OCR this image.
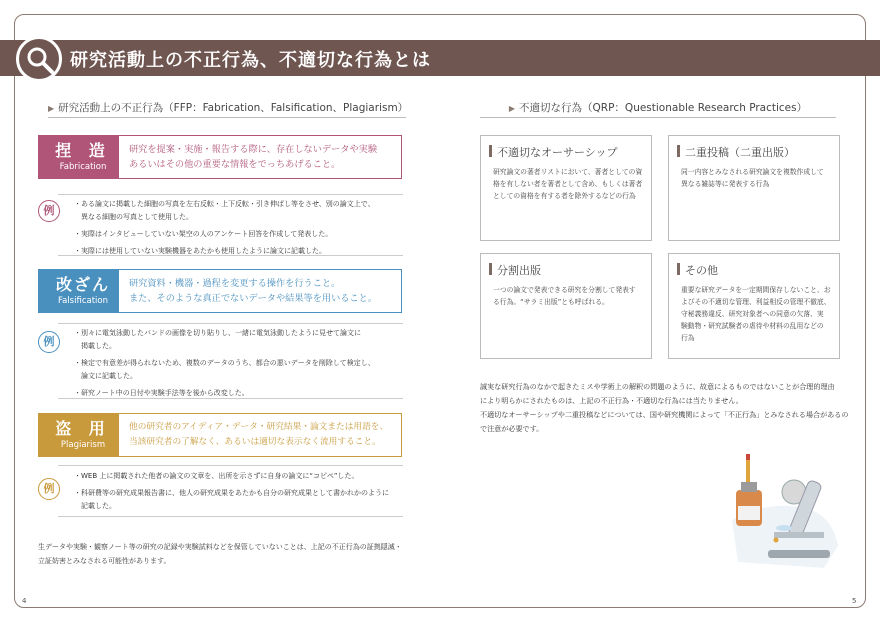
研究活動上の不正行為、不適切な行為とは
▶ 研究活動上の不正行為（FFP：Fabrication、Falsification、Plagiarism）
捏 造
Fabrication
研究を提案・実施・報告する際に、存在しないデータや実験
あるいはその他の重要な情報をでっちあげること。
例	・ある論文に掲載した細胞の写真を左右反転・上下反転・引き伸ばし等をさせ、別の論文上で、
　異なる細胞の写真として使用した。
・実際はインタビューしていない架空の人のアンケート回答を作成して発表した。
・実際には使用していない実験機器をあたかも使用したように論文に記載した。
改ざん
Falsification
研究資料・機器・過程を変更する操作を行うこと。
また、そのような真正でないデータや結果等を用いること。
例
・別々に電気泳動したバンドの画像を切り貼りし、一緒に電気泳動したように見せて論文に
　掲載した。
・検定で有意差が得られないため、複数のデータのうち、都合の悪いデータを削除して検定し、
　論文に記載した。
・研究ノート中の日付や実験手法等を後から改変した。
盗 用
Plagiarism
他の研究者のアイディア・データ・研究結果・論文または用語を、
当該研究者の了解なく、あるいは適切な表示なく流用すること。
例
・WEB 上に掲載された他者の論文の文章を、出所を示さずに自身の論文に“コピペ”した。
・科研費等の研究成果報告書に、他人の研究成果をあたかも自分の研究成果として書かれかのように
　記載した。
生データや実験・観察ノート等の研究の記録や実験試料などを保管していないことは、上記の不正行為の証拠隠滅・
立証妨害とみなされる可能性があります。
▶ 不適切な行為（QRP：Questionable Research Practices）
不適切なオーサーシップ
研究論文の著者リストにおいて、著者としての資
格を有しない者を著者として含め、もしくは著者
としての資格を有する者を除外するなどの行為
二重投稿（二重出版）
同一内容とみなされる研究論文を複数作成して
異なる雑誌等に発表する行為
分割出版
一つの論文で発表できる研究を分割して発表す
る行為。“サラミ出版”とも呼ばれる。
その他
重要な研究データを一定期間保存しないこと、お
よびその不適切な管理、利益相反の管理不徹底、
守秘義務違反、研究対象者への同意の欠落、実
験動物・研究試験者の虐待や材料の乱用などの
行為
誠実な研究行為のなかで起きたミスや学術上の解釈の問題のように、故意によるものではないことが合理的理由
により明らかにされたものは、上記の不正行為・不適切な行為には当たりません。
不適切なオーサーシップや二重投稿などについては、国や研究機関によって「不正行為」とみなされる場合があるの
で注意が必要です。
4	5
